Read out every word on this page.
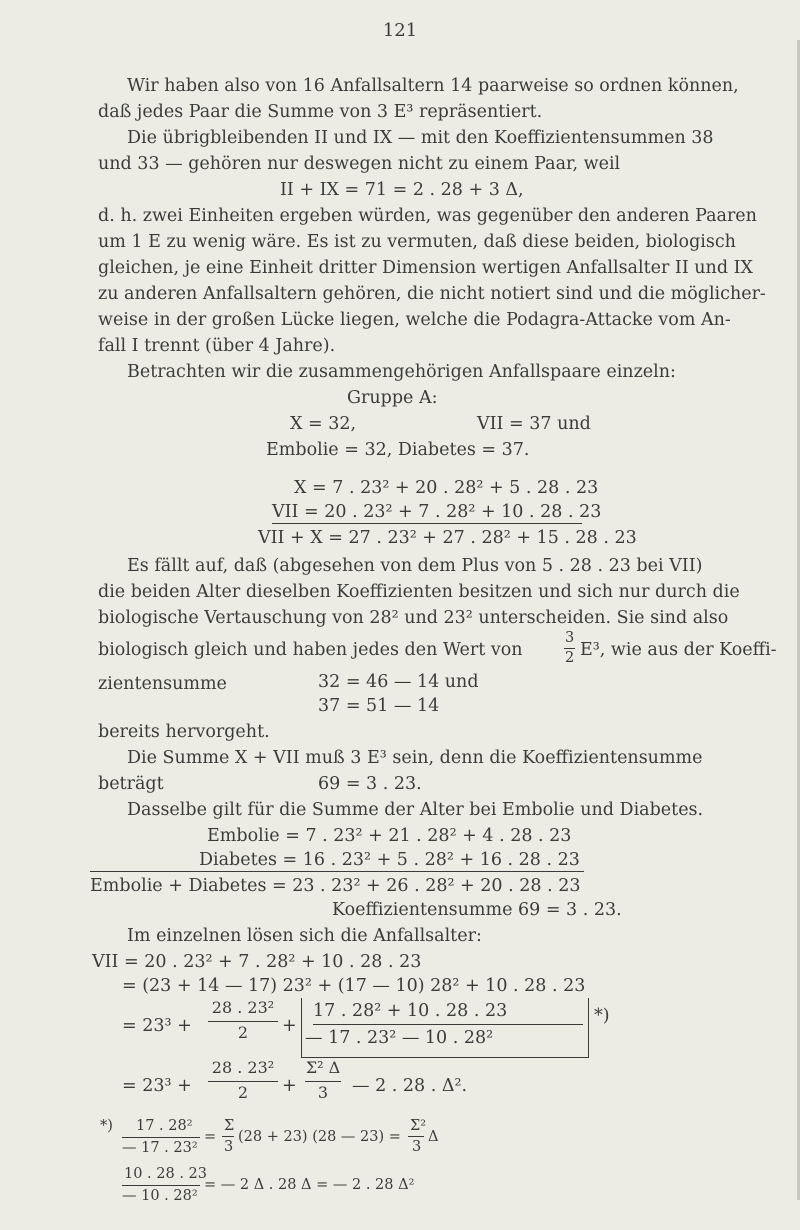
121
Wir haben also von 16 Anfallsaltern 14 paarweise so ordnen können,
daß jedes Paar die Summe von 3 E³ repräsentiert.
Die übrigbleibenden II und IX — mit den Koeffizientensummen 38
und 33 — gehören nur deswegen nicht zu einem Paar, weil
II + IX = 71 = 2 . 28 + 3 Δ,
d. h. zwei Einheiten ergeben würden, was gegenüber den anderen Paaren
um 1 E zu wenig wäre. Es ist zu vermuten, daß diese beiden, biologisch
gleichen, je eine Einheit dritter Dimension wertigen Anfallsalter II und IX
zu anderen Anfallsaltern gehören, die nicht notiert sind und die möglicher-
weise in der großen Lücke liegen, welche die Podagra-Attacke vom An-
fall I trennt (über 4 Jahre).
Betrachten wir die zusammengehörigen Anfallspaare einzeln:
Gruppe A:
X = 32,	VII = 37 und
Embolie = 32, Diabetes = 37.
X = 7 . 23² + 20 . 28² + 5 . 28 . 23
VII = 20 . 23² + 7 . 28² + 10 . 28 . 23
VII + X = 27 . 23² + 27 . 28² + 15 . 28 . 23
Es fällt auf, daß (abgesehen von dem Plus von 5 . 28 . 23 bei VII)
die beiden Alter dieselben Koeffizienten besitzen und sich nur durch die
biologische Vertauschung von 28² und 23² unterscheiden. Sie sind also
biologisch gleich und haben jedes den Wert von
3
2 E³, wie aus der Koeffi-
zientensumme	32 = 46 — 14 und
37 = 51 — 14
bereits hervorgeht.
Die Summe X + VII muß 3 E³ sein, denn die Koeffizientensumme
beträgt	69 = 3 . 23.
Dasselbe gilt für die Summe der Alter bei Embolie und Diabetes.
Embolie = 7 . 23² + 21 . 28² + 4 . 28 . 23
Diabetes = 16 . 23² + 5 . 28² + 16 . 28 . 23
Embolie + Diabetes = 23 . 23² + 26 . 28² + 20 . 28 . 23
Koeffizientensumme 69 = 3 . 23.
Im einzelnen lösen sich die Anfallsalter:
VII = 20 . 23² + 7 . 28² + 10 . 28 . 23
= (23 + 14 — 17) 23² + (17 — 10) 28² + 10 . 28 . 23
= 23³ +
28 . 23²
2	+
17 . 28² + 10 . 28 . 23
— 17 . 23² — 10 . 28²
*)
= 23³ +
28 . 23²
2	+
Σ² Δ
3	— 2 . 28 . Δ².
*) 17 . 28²
— 17 . 23²
=
Σ
3
(28 + 23) (28 — 23) =
Σ²
3
Δ
10 . 28 . 23
— 10 . 28²
= — 2 Δ . 28 Δ = — 2 . 28 Δ²
